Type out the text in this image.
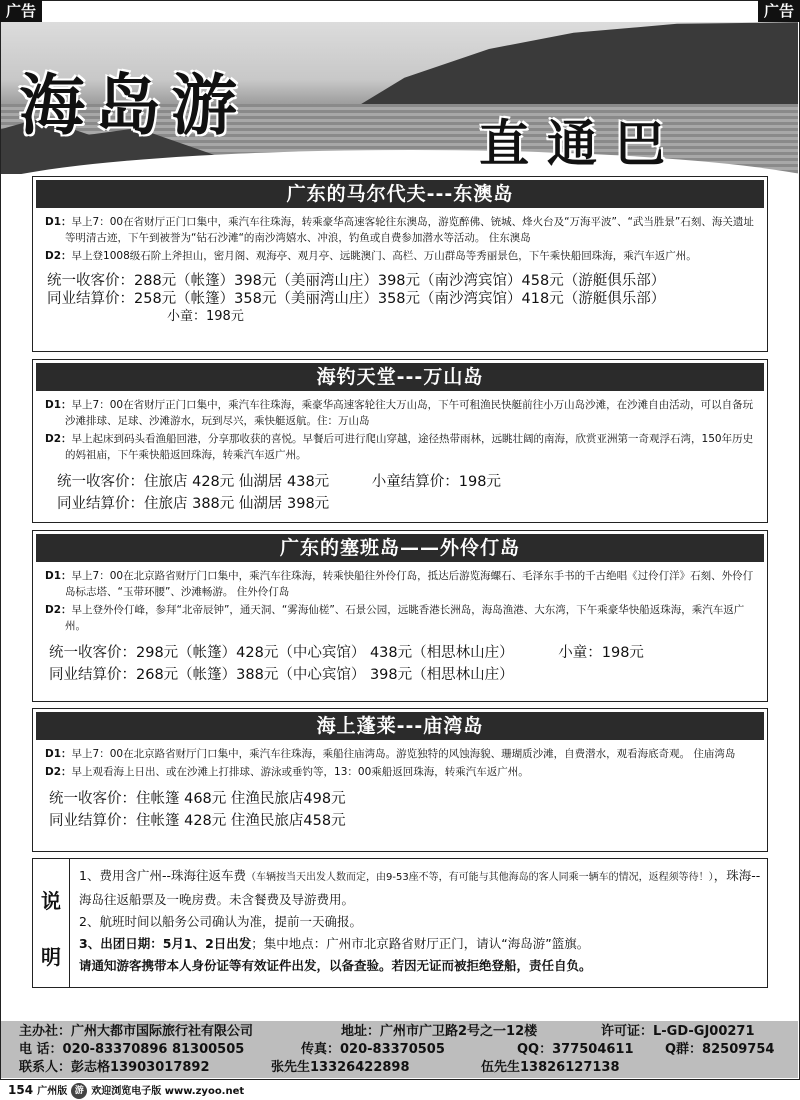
广告	广告
海岛游	直通巴
广东的马尔代夫---东澳岛
D1：早上7：00在省财厅正门口集中，乘汽车往珠海，转乘豪华高速客轮往东澳岛，游览醉佛、铳城、烽火台及“万海平波”、“武当胜景”石刻、海关遗址等明清古迹，下午到被誉为“钻石沙滩“的南沙湾嬉水、冲浪，钓鱼或自费参加潜水等活动。 住东澳岛
D2：早上登1008级石阶上斧担山，密月阁、观海亭、观月亭、远眺澳门、高栏、万山群岛等秀丽景色，下午乘快船回珠海，乘汽车返广州。
统一收客价：288元（帐篷）398元（美丽湾山庄）398元（南沙湾宾馆）458元（游艇俱乐部）
同业结算价：258元（帐篷）358元（美丽湾山庄）358元（南沙湾宾馆）418元（游艇俱乐部）
小童：198元
海钓天堂---万山岛
D1：早上7：00在省财厅正门口集中，乘汽车往珠海，乘豪华高速客轮往大万山岛，下午可租渔民快艇前往小万山岛沙滩，在沙滩自由活动，可以自备玩沙滩排球、足球、沙滩游水，玩到尽兴，乘快艇返航。住：万山岛
D2：早上起床到码头看渔船回港，分享那收获的喜悦。早餐后可进行爬山穿越，途径热带雨林，远眺壮阔的南海，欣赏亚洲第一奇观浮石湾，150年历史的妈祖庙，下午乘快船返回珠海，转乘汽车返广州。
统一收客价：住旅店 428元 仙湖居 438元	小童结算价：198元
同业结算价：住旅店 388元 仙湖居 398元
广东的塞班岛——外伶仃岛
D1：早上7：00在北京路省财厅门口集中，乘汽车往珠海，转乘快船往外伶仃岛，抵达后游览海螺石、毛泽东手书的千古绝唱《过伶仃洋》石刻、外伶仃岛标志塔、“玉带环腰”、沙滩畅游。 住外伶仃岛
D2：早上登外伶仃峰，参拜“北帝辰钟”，通天洞、“雾海仙槎”、石景公园，远眺香港长洲岛，海岛渔港、大东湾，下午乘豪华快船返珠海，乘汽车返广州。
统一收客价：298元（帐篷）428元（中心宾馆） 438元（相思林山庄）	小童：198元
同业结算价：268元（帐篷）388元（中心宾馆） 398元（相思林山庄）
海上蓬莱---庙湾岛
D1：早上7：00在北京路省财厅门口集中，乘汽车往珠海，乘船往庙湾岛。游览独特的风蚀海貌、珊瑚质沙滩，自费潜水，观看海底奇观。 住庙湾岛
D2：早上观看海上日出、或在沙滩上打排球、游泳或垂钓等，13：00乘船返回珠海，转乘汽车返广州。
统一收客价：住帐篷 468元 住渔民旅店498元
同业结算价：住帐篷 428元 住渔民旅店458元
说
明
1、费用含广州--珠海往返车费（车辆按当天出发人数而定，由9-53座不等，有可能与其他海岛的客人同乘一辆车的情况，返程须等待！），珠海--海岛往返船票及一晚房费。未含餐费及导游费用。
2、航班时间以船务公司确认为准，提前一天确报。
3、出团日期：5月1、2日出发；集中地点：广州市北京路省财厅正门，请认“海岛游”篮旗。
请通知游客携带本人身份证等有效证件出发，以备查验。若因无证而被拒绝登船，责任自负。
主办社：广州大都市国际旅行社有限公司	地址：广州市广卫路2号之一12楼	许可证：L-GD-GJ00271
电 话：020-83370896 81300505	传真：020-83370505	QQ：377504611 Q群：82509754
联系人：彭志格13903017892	张先生13326422898	伍先生13826127138
154 广州版 游 欢迎浏览电子版 www.zyoo.net
